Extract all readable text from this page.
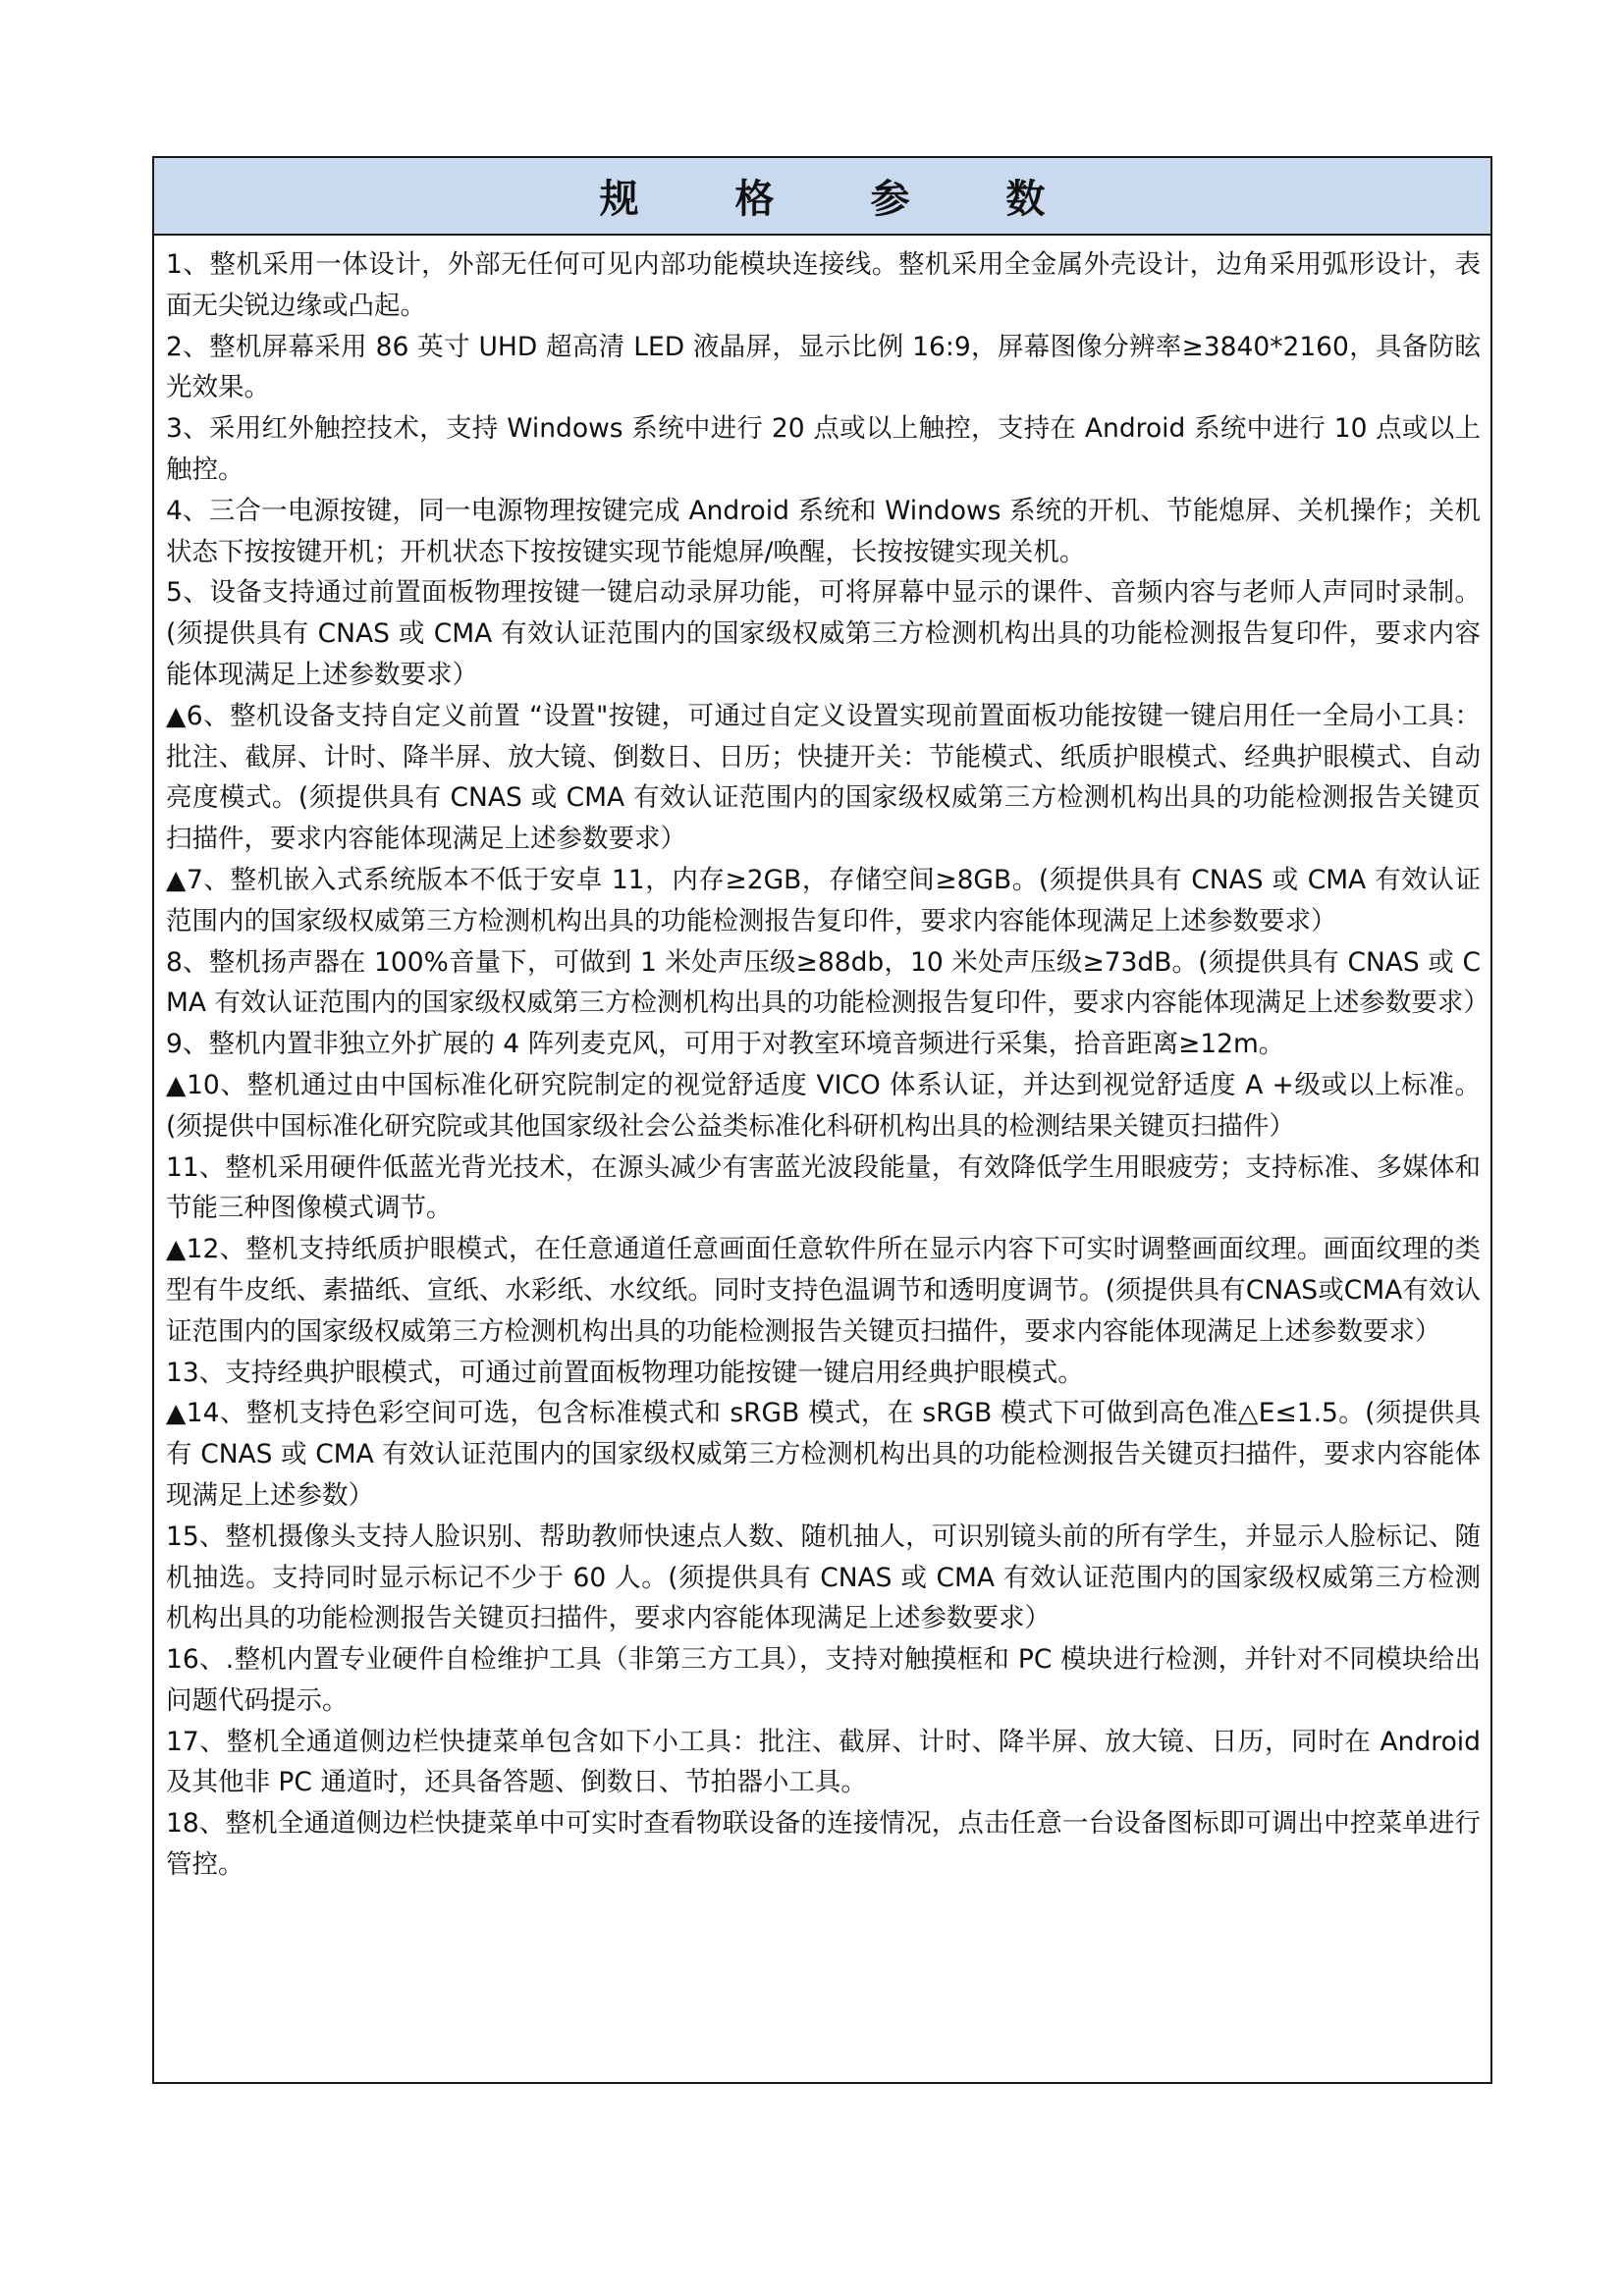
规 格 参 数

1、整机采用一体设计，外部无任何可见内部功能模块连接线。整机采用全金属外壳设计，边角采用弧形设计，表面无尖锐边缘或凸起。

2、整机屏幕采用 86 英寸 UHD 超高清 LED 液晶屏，显示比例 16:9，屏幕图像分辨率≥3840*2160，具备防眩光效果。

3、采用红外触控技术，支持 Windows 系统中进行 20 点或以上触控，支持在 Android 系统中进行 10 点或以上触控。

4、三合一电源按键，同一电源物理按键完成 Android 系统和 Windows 系统的开机、节能熄屏、关机操作；关机状态下按按键开机；开机状态下按按键实现节能熄屏/唤醒，长按按键实现关机。

5、设备支持通过前置面板物理按键一键启动录屏功能，可将屏幕中显示的课件、音频内容与老师人声同时录制。(须提供具有 CNAS 或 CMA 有效认证范围内的国家级权威第三方检测机构出具的功能检测报告复印件，要求内容能体现满足上述参数要求）

▲6、整机设备支持自定义前置 “设置"按键，可通过自定义设置实现前置面板功能按键一键启用任一全局小工具：批注、截屏、计时、降半屏、放大镜、倒数日、日历；快捷开关：节能模式、纸质护眼模式、经典护眼模式、自动亮度模式。(须提供具有 CNAS 或 CMA 有效认证范围内的国家级权威第三方检测机构出具的功能检测报告关键页扫描件，要求内容能体现满足上述参数要求）

▲7、整机嵌入式系统版本不低于安卓 11，内存≥2GB，存储空间≥8GB。(须提供具有 CNAS 或 CMA 有效认证范围内的国家级权威第三方检测机构出具的功能检测报告复印件，要求内容能体现满足上述参数要求）

8、整机扬声器在 100%音量下，可做到 1 米处声压级≥88db，10 米处声压级≥73dB。(须提供具有 CNAS 或 CMA 有效认证范围内的国家级权威第三方检测机构出具的功能检测报告复印件，要求内容能体现满足上述参数要求）

9、整机内置非独立外扩展的 4 阵列麦克风，可用于对教室环境音频进行采集，拾音距离≥12m。

▲10、整机通过由中国标准化研究院制定的视觉舒适度 VICO 体系认证，并达到视觉舒适度 A +级或以上标准。(须提供中国标准化研究院或其他国家级社会公益类标准化科研机构出具的检测结果关键页扫描件）

11、整机采用硬件低蓝光背光技术，在源头减少有害蓝光波段能量，有效降低学生用眼疲劳；支持标准、多媒体和节能三种图像模式调节。

▲12、整机支持纸质护眼模式，在任意通道任意画面任意软件所在显示内容下可实时调整画面纹理。画面纹理的类型有牛皮纸、素描纸、宣纸、水彩纸、水纹纸。同时支持色温调节和透明度调节。(须提供具有CNAS或CMA有效认证范围内的国家级权威第三方检测机构出具的功能检测报告关键页扫描件，要求内容能体现满足上述参数要求）

13、支持经典护眼模式，可通过前置面板物理功能按键一键启用经典护眼模式。

▲14、整机支持色彩空间可选，包含标准模式和 sRGB 模式，在 sRGB 模式下可做到高色准△E≤1.5。(须提供具有 CNAS 或 CMA 有效认证范围内的国家级权威第三方检测机构出具的功能检测报告关键页扫描件，要求内容能体现满足上述参数）

15、整机摄像头支持人脸识别、帮助教师快速点人数、随机抽人，可识别镜头前的所有学生，并显示人脸标记、随机抽选。支持同时显示标记不少于 60 人。(须提供具有 CNAS 或 CMA 有效认证范围内的国家级权威第三方检测机构出具的功能检测报告关键页扫描件，要求内容能体现满足上述参数要求）

16、.整机内置专业硬件自检维护工具（非第三方工具），支持对触摸框和 PC 模块进行检测，并针对不同模块给出问题代码提示。

17、整机全通道侧边栏快捷菜单包含如下小工具：批注、截屏、计时、降半屏、放大镜、日历，同时在 Android 及其他非 PC 通道时，还具备答题、倒数日、节拍器小工具。

18、整机全通道侧边栏快捷菜单中可实时查看物联设备的连接情况，点击任意一台设备图标即可调出中控菜单进行管控。
